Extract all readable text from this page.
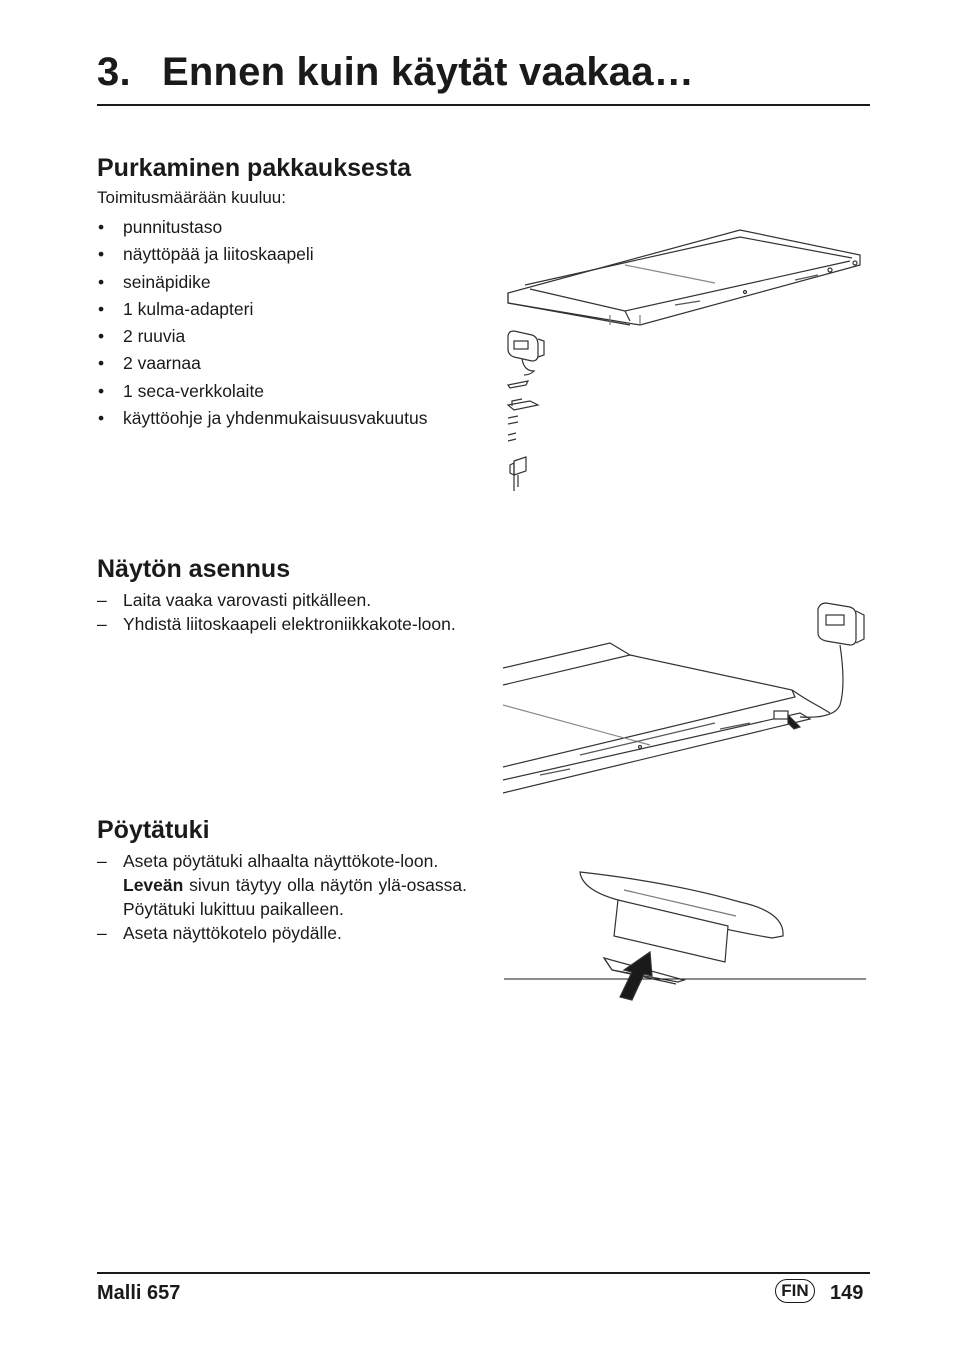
3. Ennen kuin käytät vaakaa…
Purkaminen pakkauksesta

Toimitusmäärään kuuluu:

• punnitustaso
• näyttöpää ja liitoskaapeli
• seinäpidike
• 1 kulma-adapteri
• 2 ruuvia
• 2 vaarnaa
• 1 seca-verkkolaite
• käyttöohje ja yhdenmukaisuusvakuutus
Näytön asennus
– Laita vaaka varovasti pitkälleen.
– Yhdistä liitoskaapeli elektroniikkakote-loon.
Pöytätuki
– Aseta pöytätuki alhaalta näyttökote-loon.
Leveän sivun täytyy olla näytön ylä-osassa. Pöytätuki lukittuu paikalleen.
– Aseta näyttökotelo pöydälle.
Malli 657	FIN	149
